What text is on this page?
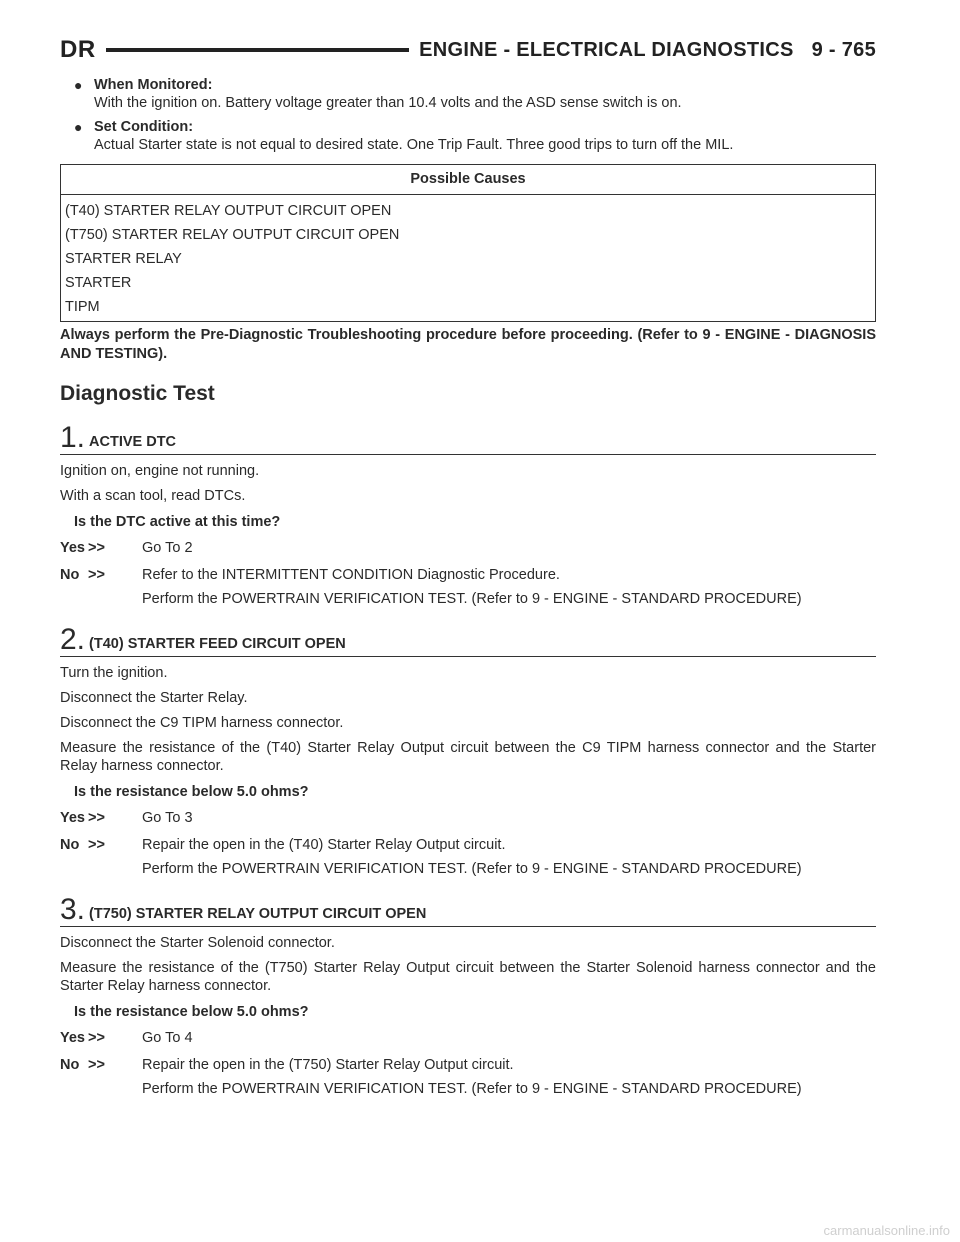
DR	ENGINE - ELECTRICAL DIAGNOSTICS 9 - 765
● When Monitored:
With the ignition on. Battery voltage greater than 10.4 volts and the ASD sense switch is on.
● Set Condition:
Actual Starter state is not equal to desired state. One Trip Fault. Three good trips to turn off the MIL.
Possible Causes
(T40) STARTER RELAY OUTPUT CIRCUIT OPEN
(T750) STARTER RELAY OUTPUT CIRCUIT OPEN
STARTER RELAY
STARTER
TIPM
Always perform the Pre-Diagnostic Troubleshooting procedure before proceeding. (Refer to 9 - ENGINE - DIAGNOSIS AND TESTING).
Diagnostic Test
1. ACTIVE DTC
Ignition on, engine not running.
With a scan tool, read DTCs.
Is the DTC active at this time?
Yes >>	Go To 2
No >>	Refer to the INTERMITTENT CONDITION Diagnostic Procedure.
Perform the POWERTRAIN VERIFICATION TEST. (Refer to 9 - ENGINE - STANDARD PROCEDURE)
2. (T40) STARTER FEED CIRCUIT OPEN
Turn the ignition.
Disconnect the Starter Relay.
Disconnect the C9 TIPM harness connector.
Measure the resistance of the (T40) Starter Relay Output circuit between the C9 TIPM harness connector and the Starter Relay harness connector.
Is the resistance below 5.0 ohms?
Yes >>	Go To 3
No >>	Repair the open in the (T40) Starter Relay Output circuit.
Perform the POWERTRAIN VERIFICATION TEST. (Refer to 9 - ENGINE - STANDARD PROCEDURE)
3. (T750) STARTER RELAY OUTPUT CIRCUIT OPEN
Disconnect the Starter Solenoid connector.
Measure the resistance of the (T750) Starter Relay Output circuit between the Starter Solenoid harness connector and the Starter Relay harness connector.
Is the resistance below 5.0 ohms?
Yes >>	Go To 4
No >>	Repair the open in the (T750) Starter Relay Output circuit.
Perform the POWERTRAIN VERIFICATION TEST. (Refer to 9 - ENGINE - STANDARD PROCEDURE)
carmanualsonline.info
